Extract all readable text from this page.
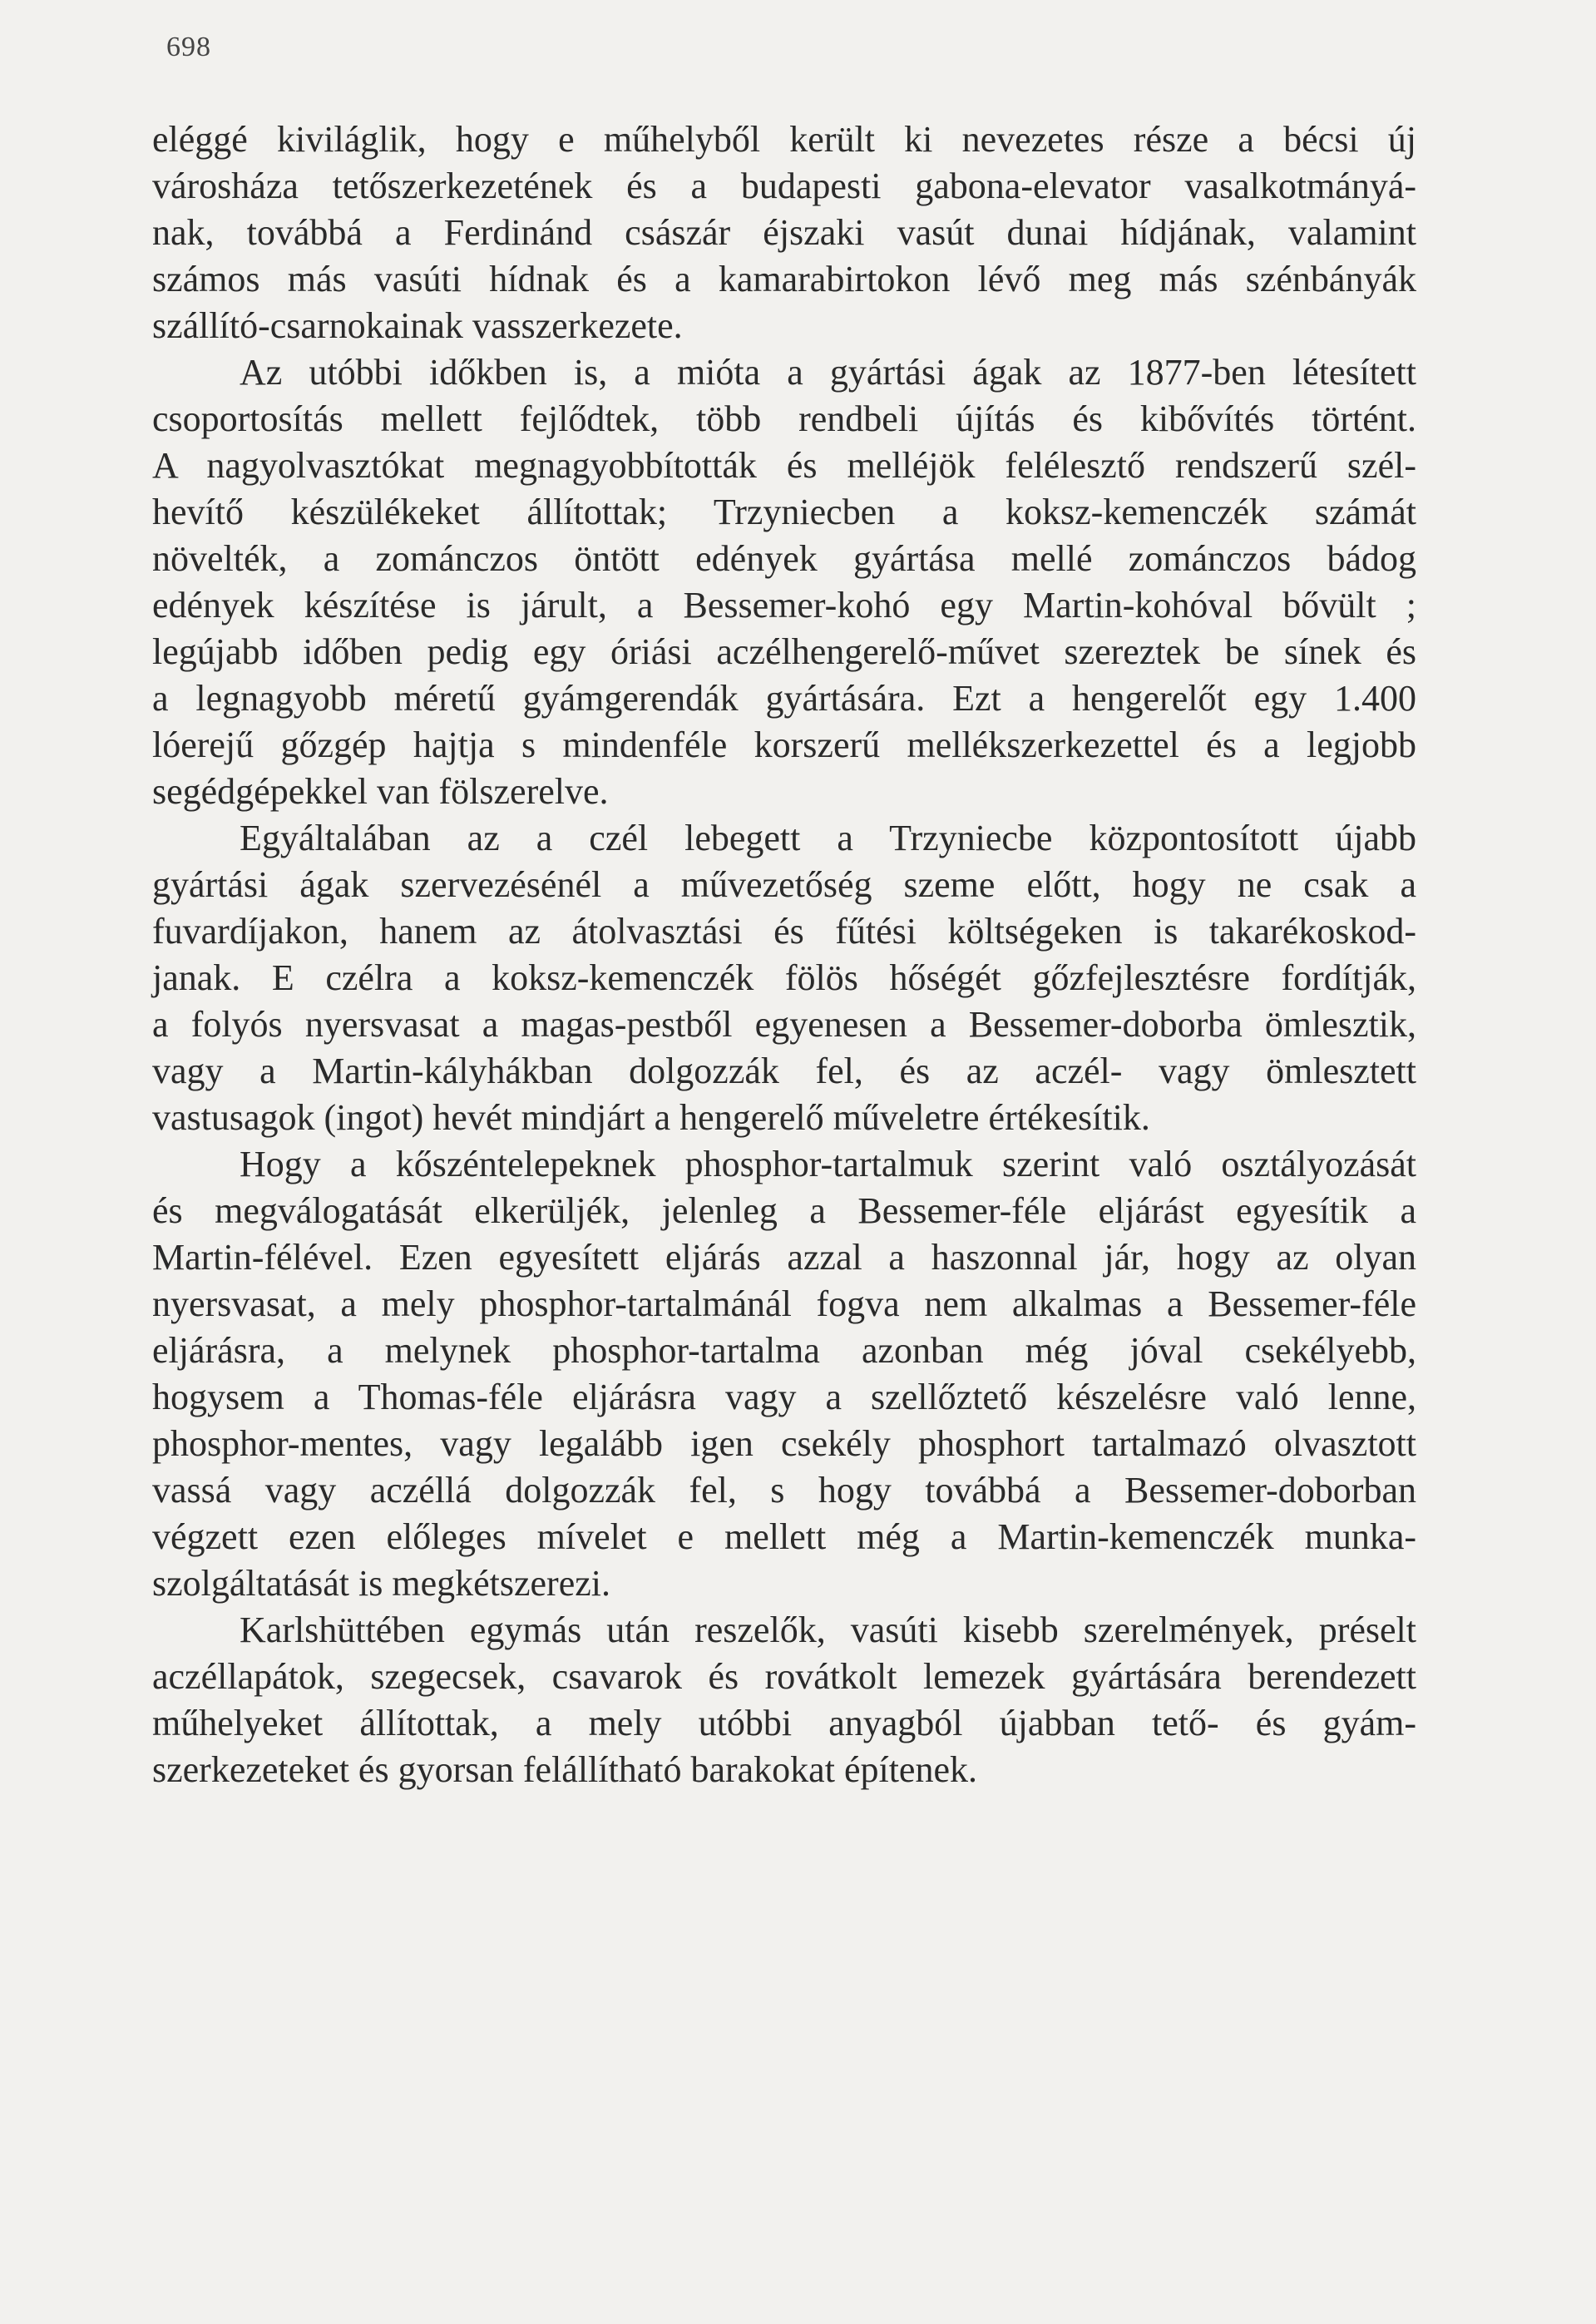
698
eléggé kiviláglik, hogy e műhelyből került ki nevezetes része a bécsi új
városháza tetőszerkezetének és a budapesti gabona-elevator vasalkotmányá-
nak, továbbá a Ferdinánd császár éjszaki vasút dunai hídjának, valamint
számos más vasúti hídnak és a kamarabirtokon lévő meg más szénbányák
szállító-csarnokainak vasszerkezete.
Az utóbbi időkben is, a mióta a gyártási ágak az 1877-ben létesített
csoportosítás mellett fejlődtek, több rendbeli újítás és kibővítés történt.
A nagyolvasztókat megnagyobbították és melléjök felélesztő rendszerű szél-
hevítő készülékeket állítottak; Trzyniecben a koksz-kemenczék számát
növelték, a zománczos öntött edények gyártása mellé zománczos bádog
edények készítése is járult, a Bessemer-kohó egy Martin-kohóval bővült ;
legújabb időben pedig egy óriási aczélhengerelő-művet szereztek be sínek és
a legnagyobb méretű gyámgerendák gyártására. Ezt a hengerelőt egy 1.400
lóerejű gőzgép hajtja s mindenféle korszerű mellékszerkezettel és a legjobb
segédgépekkel van fölszerelve.
Egyáltalában az a czél lebegett a Trzyniecbe központosított újabb
gyártási ágak szervezésénél a művezetőség szeme előtt, hogy ne csak a
fuvardíjakon, hanem az átolvasztási és fűtési költségeken is takarékoskod-
janak. E czélra a koksz-kemenczék fölös hőségét gőzfejlesztésre fordítják,
a folyós nyersvasat a magas-pestből egyenesen a Bessemer-doborba ömlesztik,
vagy a Martin-kályhákban dolgozzák fel, és az aczél- vagy ömlesztett
vastusagok (ingot) hevét mindjárt a hengerelő műveletre értékesítik.
Hogy a kőszéntelepeknek phosphor-tartalmuk szerint való osztályozását
és megválogatását elkerüljék, jelenleg a Bessemer-féle eljárást egyesítik a
Martin-félével. Ezen egyesített eljárás azzal a haszonnal jár, hogy az olyan
nyersvasat, a mely phosphor-tartalmánál fogva nem alkalmas a Bessemer-féle
eljárásra, a melynek phosphor-tartalma azonban még jóval csekélyebb,
hogysem a Thomas-féle eljárásra vagy a szellőztető készelésre való lenne,
phosphor-mentes, vagy legalább igen csekély phosphort tartalmazó olvasztott
vassá vagy aczéllá dolgozzák fel, s hogy továbbá a Bessemer-doborban
végzett ezen előleges mívelet e mellett még a Martin-kemenczék munka-
szolgáltatását is megkétszerezi.
Karlshüttében egymás után reszelők, vasúti kisebb szerelmények, préselt
aczéllapátok, szegecsek, csavarok és rovátkolt lemezek gyártására berendezett
műhelyeket állítottak, a mely utóbbi anyagból újabban tető- és gyám-
szerkezeteket és gyorsan felállítható barakokat építenek.
